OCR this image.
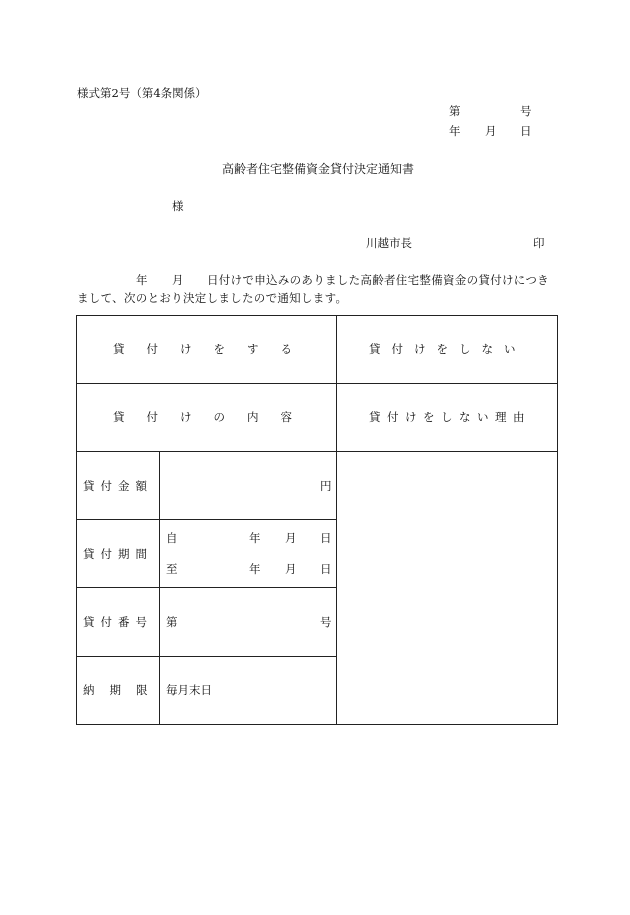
様式第2号（第4条関係）
第	号
年 月 日
高齢者住宅整備資金貸付決定通知書
様
川越市長	印
年 月 日付けで申込みのありました高齢者住宅整備資金の貸付けにつき
まして、次のとおり決定しましたので通知します。
貸付けをする	貸付けをしない
貸付けの内容	貸付けをしない理由
貸付金額	円
貸付期間
自	年 月 日
至	年 月 日
貸付番号 第	号
納期限 毎月末日
